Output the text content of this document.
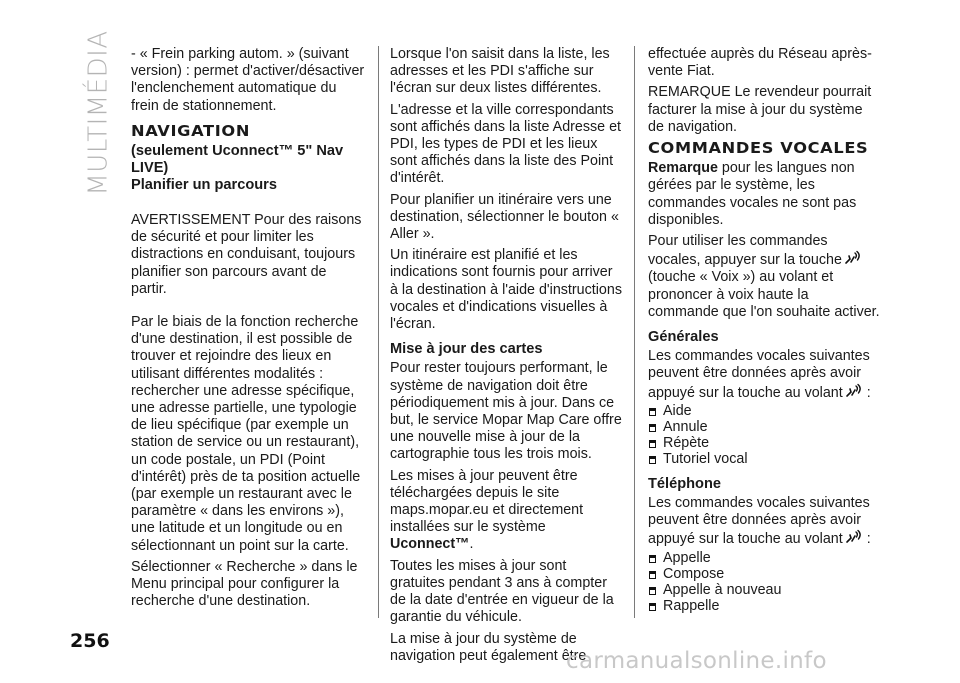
MULTIMÉDIA - « Frein parking autom. » (suivant version) : permet d'activer/désactiver l'enclenchement automatique du frein de stationnement.

NAVIGATION
(seulement Uconnect™ 5" Nav LIVE)
Planifier un parcours

AVERTISSEMENT Pour des raisons de sécurité et pour limiter les distractions en conduisant, toujours planifier son parcours avant de partir.

Par le biais de la fonction recherche d'une destination, il est possible de trouver et rejoindre des lieux en utilisant différentes modalités : rechercher une adresse spécifique, une adresse partielle, une typologie de lieu spécifique (par exemple un station de service ou un restaurant), un code postale, un PDI (Point d'intérêt) près de ta position actuelle (par exemple un restaurant avec le paramètre « dans les environs »), une latitude et un longitude ou en sélectionnant un point sur la carte.

Sélectionner « Recherche » dans le Menu principal pour configurer la recherche d'une destination.

Lorsque l'on saisit dans la liste, les adresses et les PDI s'affiche sur l'écran sur deux listes différentes.

L'adresse et la ville correspondants sont affichés dans la liste Adresse et PDI, les types de PDI et les lieux sont affichés dans la liste des Point d'intérêt.

Pour planifier un itinéraire vers une destination, sélectionner le bouton « Aller ».

Un itinéraire est planifié et les indications sont fournis pour arriver à la destination à l'aide d'instructions vocales et d'indications visuelles à l'écran.

Mise à jour des cartes

Pour rester toujours performant, le système de navigation doit être périodiquement mis à jour. Dans ce but, le service Mopar Map Care offre une nouvelle mise à jour de la cartographie tous les trois mois.

Les mises à jour peuvent être téléchargées depuis le site maps.mopar.eu et directement installées sur le système Uconnect™.

Toutes les mises à jour sont gratuites pendant 3 ans à compter de la date d'entrée en vigueur de la garantie du véhicule.

La mise à jour du système de navigation peut également être

effectuée auprès du Réseau après-vente Fiat.

REMARQUE Le revendeur pourrait facturer la mise à jour du système de navigation.

COMMANDES VOCALES

Remarque pour les langues non gérées par le système, les commandes vocales ne sont pas disponibles.

Pour utiliser les commandes vocales, appuyer sur la touche
(touche « Voix ») au volant et prononcer à voix haute la commande que l'on souhaite activer.

Générales

Les commandes vocales suivantes peuvent être données après avoir appuyé sur la touche au volant
:

Aide
Annule
Répète
Tutoriel vocal
Téléphone

Les commandes vocales suivantes peuvent être données après avoir appuyé sur la touche au volant
:

Appelle
Compose
Appelle à nouveau
Rappelle
256
carmanualsonline.info
